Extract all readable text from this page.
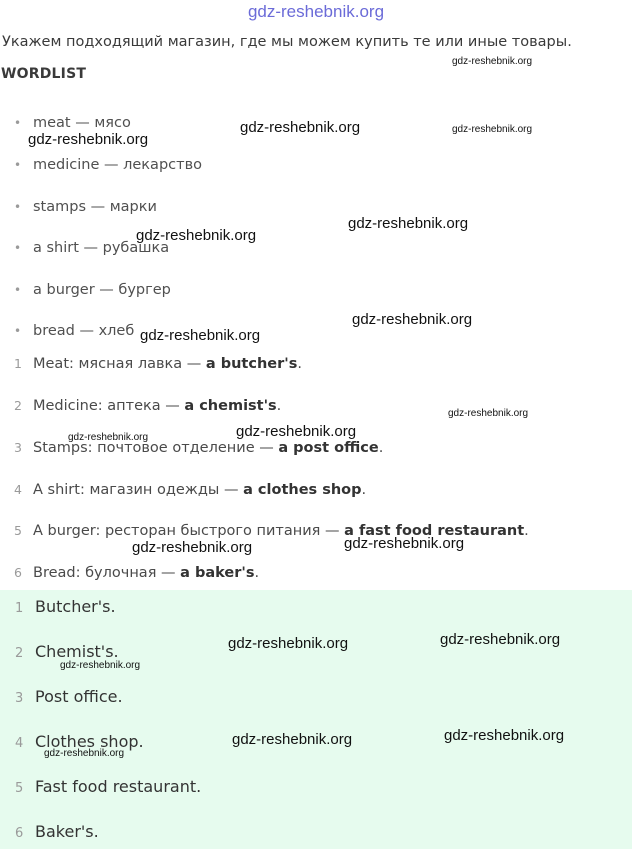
gdz-reshebnik.org
Укажем подходящий магазин, где мы можем купить те или иные товары.
WORDLIST
• meat — мясо
• medicine — лекарство
• stamps — марки
• a shirt — рубашка
• a burger — бургер
• bread — хлеб
1 Meat: мясная лавка — a butcher's.
2 Medicine: аптека — a chemist's.
3 Stamps: почтовое отделение — a post office.
4 A shirt: магазин одежды — a clothes shop.
5 A burger: ресторан быстрого питания — a fast food restaurant.
6 Bread: булочная — a baker's.
1 Butcher's.
2 Chemist's.
3 Post office.
4 Clothes shop.
5 Fast food restaurant.
6 Baker's.
gdz-reshebnik.org
gdz-reshebnik.org	gdz-reshebnik.org
gdz-reshebnik.org
gdz-reshebnik.org
gdz-reshebnik.org
gdz-reshebnik.org
gdz-reshebnik.org
gdz-reshebnik.org
gdz-reshebnik.org
gdz-reshebnik.org
gdz-reshebnik.org	gdz-reshebnik.org
gdz-reshebnik.org
gdz-reshebnik.org
gdz-reshebnik.org
gdz-reshebnik.org
gdz-reshebnik.org
gdz-reshebnik.org
